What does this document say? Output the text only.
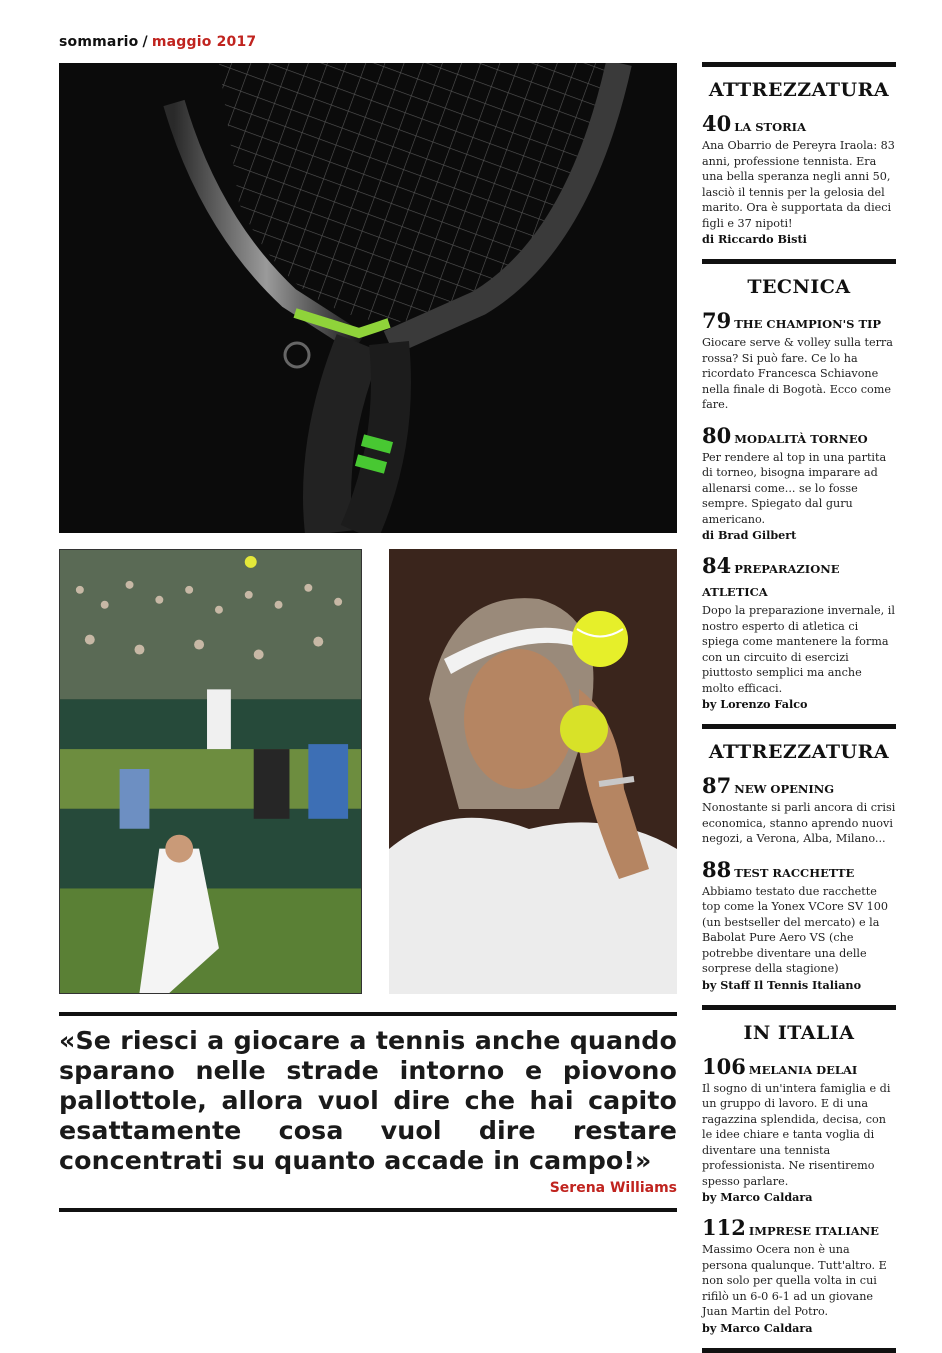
sommario / maggio 2017
«Se riesci a giocare a tennis anche quando sparano nelle strade intorno e piovono pallottole, allora vuol dire che hai capito esattamente cosa vuol dire restare concentrati su quanto accade in campo!»
Serena Williams
ATTREZZATURA
40 LA STORIA
Ana Obarrio de Pereyra Iraola: 83 anni, professione tennista. Era una bella speranza negli anni 50, lasciò il tennis per la gelosia del marito. Ora è supportata da dieci figli e 37 nipoti!
di Riccardo Bisti
TECNICA
79 THE CHAMPION'S TIP
Giocare serve & volley sulla terra rossa? Si può fare. Ce lo ha ricordato Francesca Schiavone nella finale di Bogotà. Ecco come fare.
80 MODALITÀ TORNEO
Per rendere al top in una partita di torneo, bisogna imparare ad allenarsi come... se lo fosse sempre. Spiegato dal guru americano.
di Brad Gilbert
84 PREPARAZIONE ATLETICA
Dopo la preparazione invernale, il nostro esperto di atletica ci spiega come mantenere la forma con un circuito di esercizi piuttosto semplici ma anche molto efficaci.
by Lorenzo Falco
ATTREZZATURA
87 NEW OPENING
Nonostante si parli ancora di crisi economica, stanno aprendo nuovi negozi, a Verona, Alba, Milano...
88 TEST RACCHETTE
Abbiamo testato due racchette top come la Yonex VCore SV 100 (un bestseller del mercato) e la Babolat Pure Aero VS (che potrebbe diventare una delle sorprese della stagione)
by Staff Il Tennis Italiano
IN ITALIA
106 MELANIA DELAI
Il sogno di un'intera famiglia e di un gruppo di lavoro. E di una ragazzina splendida, decisa, con le idee chiare e tanta voglia di diventare una tennista professionista. Ne risentiremo spesso parlare.
by Marco Caldara
112 IMPRESE ITALIANE
Massimo Ocera non è una persona qualunque. Tutt'altro. E non solo per quella volta in cui rifilò un 6-0 6-1 ad un giovane Juan Martin del Potro.
by Marco Caldara
